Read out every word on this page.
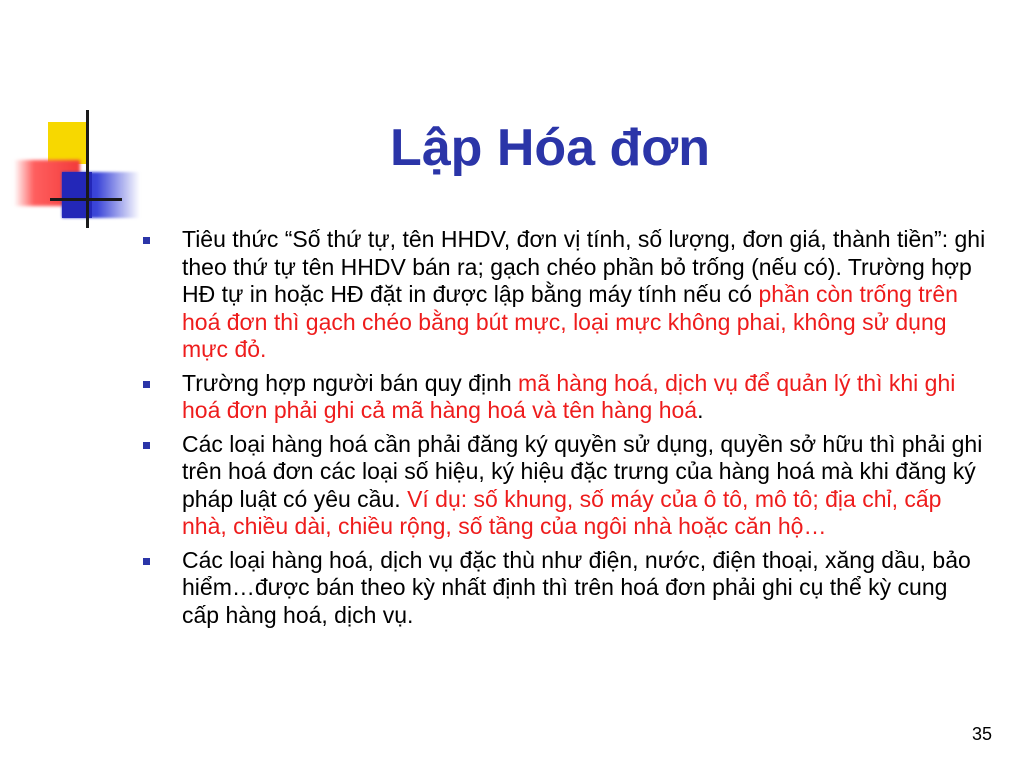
Lập Hóa đơn
Tiêu thức “Số thứ tự, tên HHDV, đơn vị tính, số lượng, đơn giá, thành tiền”: ghi theo thứ tự tên HHDV bán ra; gạch chéo phần bỏ trống (nếu có). Trường hợp HĐ tự in hoặc HĐ đặt in được lập bằng máy tính nếu có phần còn trống trên hoá đơn thì gạch chéo bằng bút mực, loại mực không phai, không sử dụng mực đỏ.
Trường hợp người bán quy định mã hàng hoá, dịch vụ để quản lý thì khi ghi hoá đơn phải ghi cả mã hàng hoá và tên hàng hoá.
Các loại hàng hoá cần phải đăng ký quyền sử dụng, quyền sở hữu thì phải ghi trên hoá đơn các loại số hiệu, ký hiệu đặc trưng của hàng hoá mà khi đăng ký pháp luật có yêu cầu. Ví dụ: số khung, số máy của ô tô, mô tô; địa chỉ, cấp nhà, chiều dài, chiều rộng, số tầng của ngôi nhà hoặc căn hộ…
Các loại hàng hoá, dịch vụ đặc thù như điện, nước, điện thoại, xăng dầu, bảo hiểm…được bán theo kỳ nhất định thì trên hoá đơn phải ghi cụ thể kỳ cung cấp hàng hoá, dịch vụ.
35
